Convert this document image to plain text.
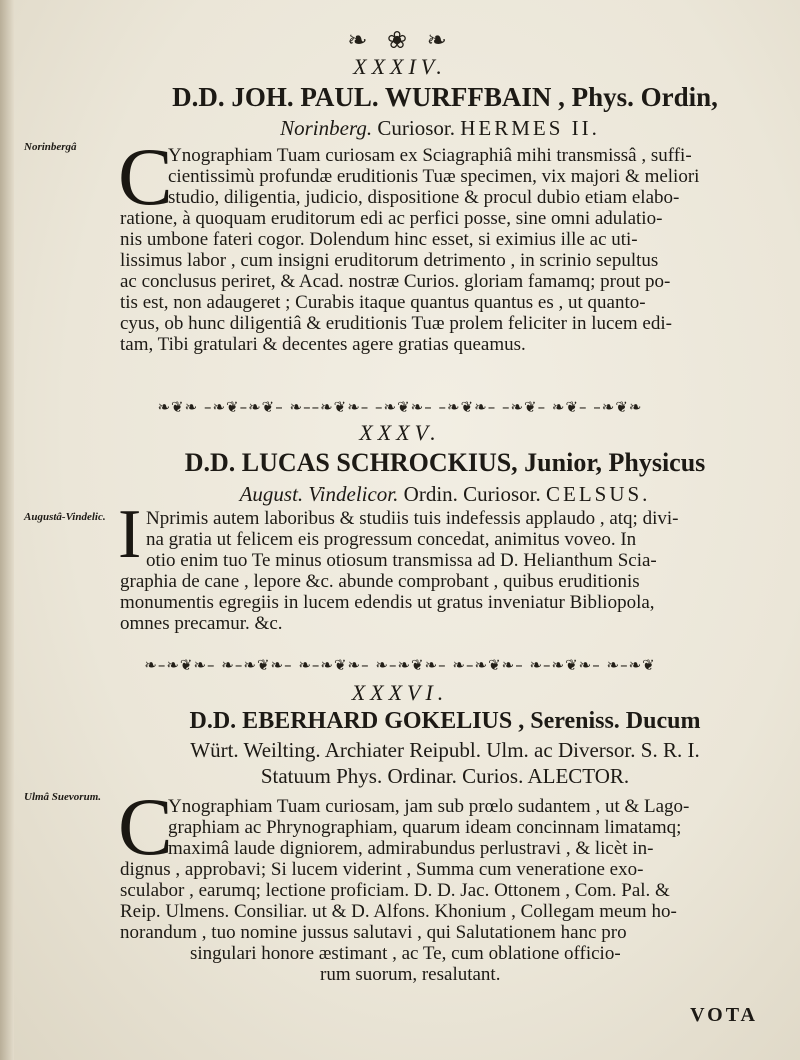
❧ ❀ ❧
XXXIV.
D.D. JOH. PAUL. WURFFBAIN , Phys. Ordin,
Norinberg. Curiosor. HERMES II.
Norinbergâ C
Ynographiam Tuam curiosam ex Sciagraphiâ mihi transmissâ , suffi-
cientissimù profundæ eruditionis Tuæ specimen, vix majori & meliori
studio, diligentia, judicio, dispositione & procul dubio etiam elabo-
ratione, à quoquam eruditorum edi ac perfici posse, sine omni adulatio-
nis umbone fateri cogor. Dolendum hinc esset, si eximius ille ac uti-
lissimus labor , cum insigni eruditorum detrimento , in scrinio sepultus
ac conclusus periret, & Acad. nostræ Curios. gloriam famamq; prout po-
tis est, non adaugeret ; Curabis itaque quantus quantus es , ut quanto-
cyus, ob hunc diligentiâ & eruditionis Tuæ prolem feliciter in lucem edi-
tam, Tibi gratulari & decentes agere gratias queamus.
❧❦❧ –❧❦–❧❦– ❧––❧❦❧– –❧❦❧– –❧❦❧– –❧❦– ❧❦– –❧❦❧
XXXV.
D.D. LUCAS SCHROCKIUS, Junior, Physicus
August. Vindelicor. Ordin. Curiosor. CELSUS.
Augustâ-Vindelic. I Nprimis autem laboribus & studiis tuis indefessis applaudo , atq; divi-
na gratia ut felicem eis progressum concedat, animitus voveo. In
otio enim tuo Te minus otiosum transmissa ad D. Helianthum Scia-
graphia de cane , lepore &c. abunde comprobant , quibus eruditionis
monumentis egregiis in lucem edendis ut gratus inveniatur Bibliopola,
omnes precamur. &c.
❧–❧❦❧– ❧–❧❦❧– ❧–❧❦❧– ❧–❧❦❧– ❧–❧❦❧– ❧–❧❦❧– ❧–❧❦
XXXVI.
D.D. EBERHARD GOKELIUS , Sereniss. Ducum
Würt. Weilting. Archiater Reipubl. Ulm. ac Diversor. S. R. I.
Statuum Phys. Ordinar. Curios. ALECTOR.
Ulmâ Suevorum. C
Ynographiam Tuam curiosam, jam sub prœlo sudantem , ut & Lago-
graphiam ac Phrynographiam, quarum ideam concinnam limatamq;
maximâ laude digniorem, admirabundus perlustravi , & licèt in-
dignus , approbavi; Si lucem viderint , Summa cum veneratione exo-
sculabor , earumq; lectione proficiam. D. D. Jac. Ottonem , Com. Pal. &
Reip. Ulmens. Consiliar. ut & D. Alfons. Khonium , Collegam meum ho-
norandum , tuo nomine jussus salutavi , qui Salutationem hanc pro
singulari honore æstimant , ac Te, cum oblatione officio-
rum suorum, resalutant.
VOTA
